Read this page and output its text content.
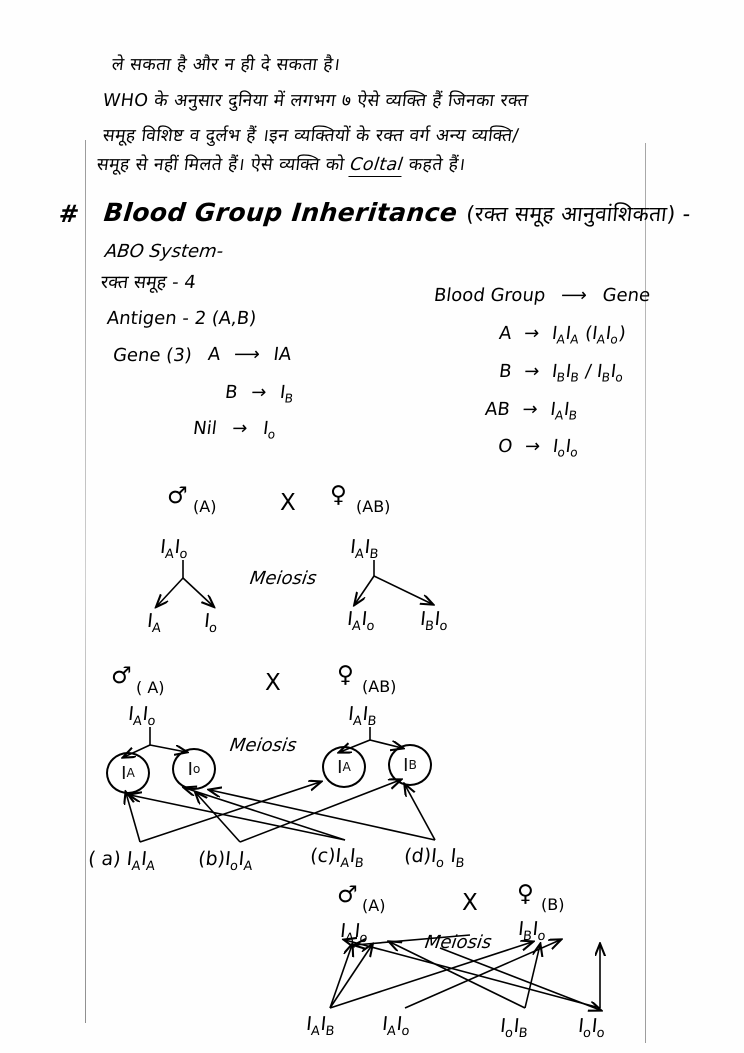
ले सकता है और न ही दे सकता है।
WHO के अनुसार दुनिया में लगभग ७ ऐसे व्यक्ति हैं जिनका रक्त
समूह विशिष्ट व दुर्लभ हैं ।इन व्यक्तियों के रक्त वर्ग अन्य व्यक्ति/
समूह से नहीं मिलते हैं। ऐसे व्यक्ति को Coltal कहते हैं।
# Blood Group Inheritance (रक्त समूह आनुवांशिकता) -
ABO System-
रक्त समूह - 4
Antigen - 2 (A,B)
Gene (3) A ⟶ IA
$B \to I_B$
Nil → $I_o$
Blood Group ⟶ Gene
$A \to I_AI_A$ $(I_AI_o)$
$B \to I_BI_B / I_BI_o$
AB → $I_AI_B$
$O \to I_oI_o$
♂ (A)	X ♀ (AB)
$I_AI_o$	$I_AI_B$
Meiosis
$I_A$ $I_o$	$I_AI_o$ $I_BI_o$
♂ ( A)	X ♀ (AB)
$I_AI_o$	$I_AI_B$
Meiosis
I A	I o	I A	I B
( a) $I_AI_A$ $(b)I_oI_A$	$(c)I_AI_B$ $(d)I_o$ $I_B$
♂ (A)	X ♀ (B)
$I_AI_o$	$I_BI_o$
Meiosis
$I_AI_B$ $I_AI_o$	$I_oI_B$	$I_oI_o$
